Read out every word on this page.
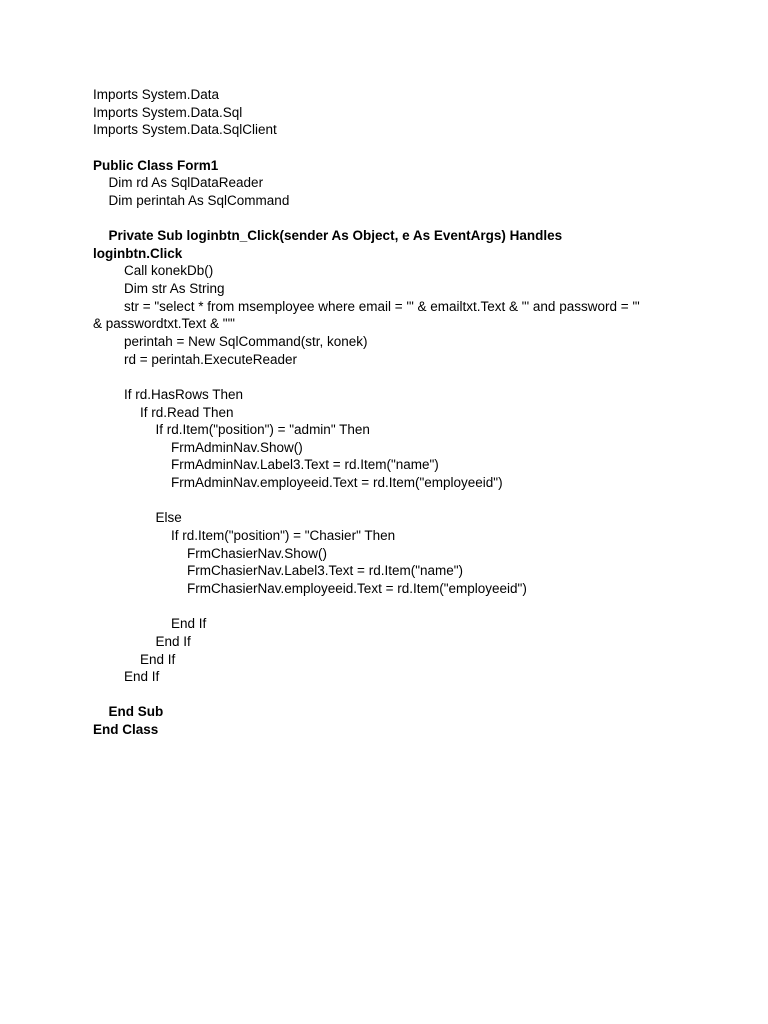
Imports System.Data
Imports System.Data.Sql
Imports System.Data.SqlClient
Public Class Form1
Dim rd As SqlDataReader
Dim perintah As SqlCommand
Private Sub loginbtn_Click(sender As Object, e As EventArgs) Handles
loginbtn.Click
Call konekDb()
Dim str As String
str = "select * from msemployee where email = '" & emailtxt.Text & "' and password = '"
& passwordtxt.Text & "'"
perintah = New SqlCommand(str, konek)
rd = perintah.ExecuteReader
If rd.HasRows Then
If rd.Read Then
If rd.Item("position") = "admin" Then
FrmAdminNav.Show()
FrmAdminNav.Label3.Text = rd.Item("name")
FrmAdminNav.employeeid.Text = rd.Item("employeeid")
Else
If rd.Item("position") = "Chasier" Then
FrmChasierNav.Show()
FrmChasierNav.Label3.Text = rd.Item("name")
FrmChasierNav.employeeid.Text = rd.Item("employeeid")
End If
End If
End If
End If
End Sub
End Class
